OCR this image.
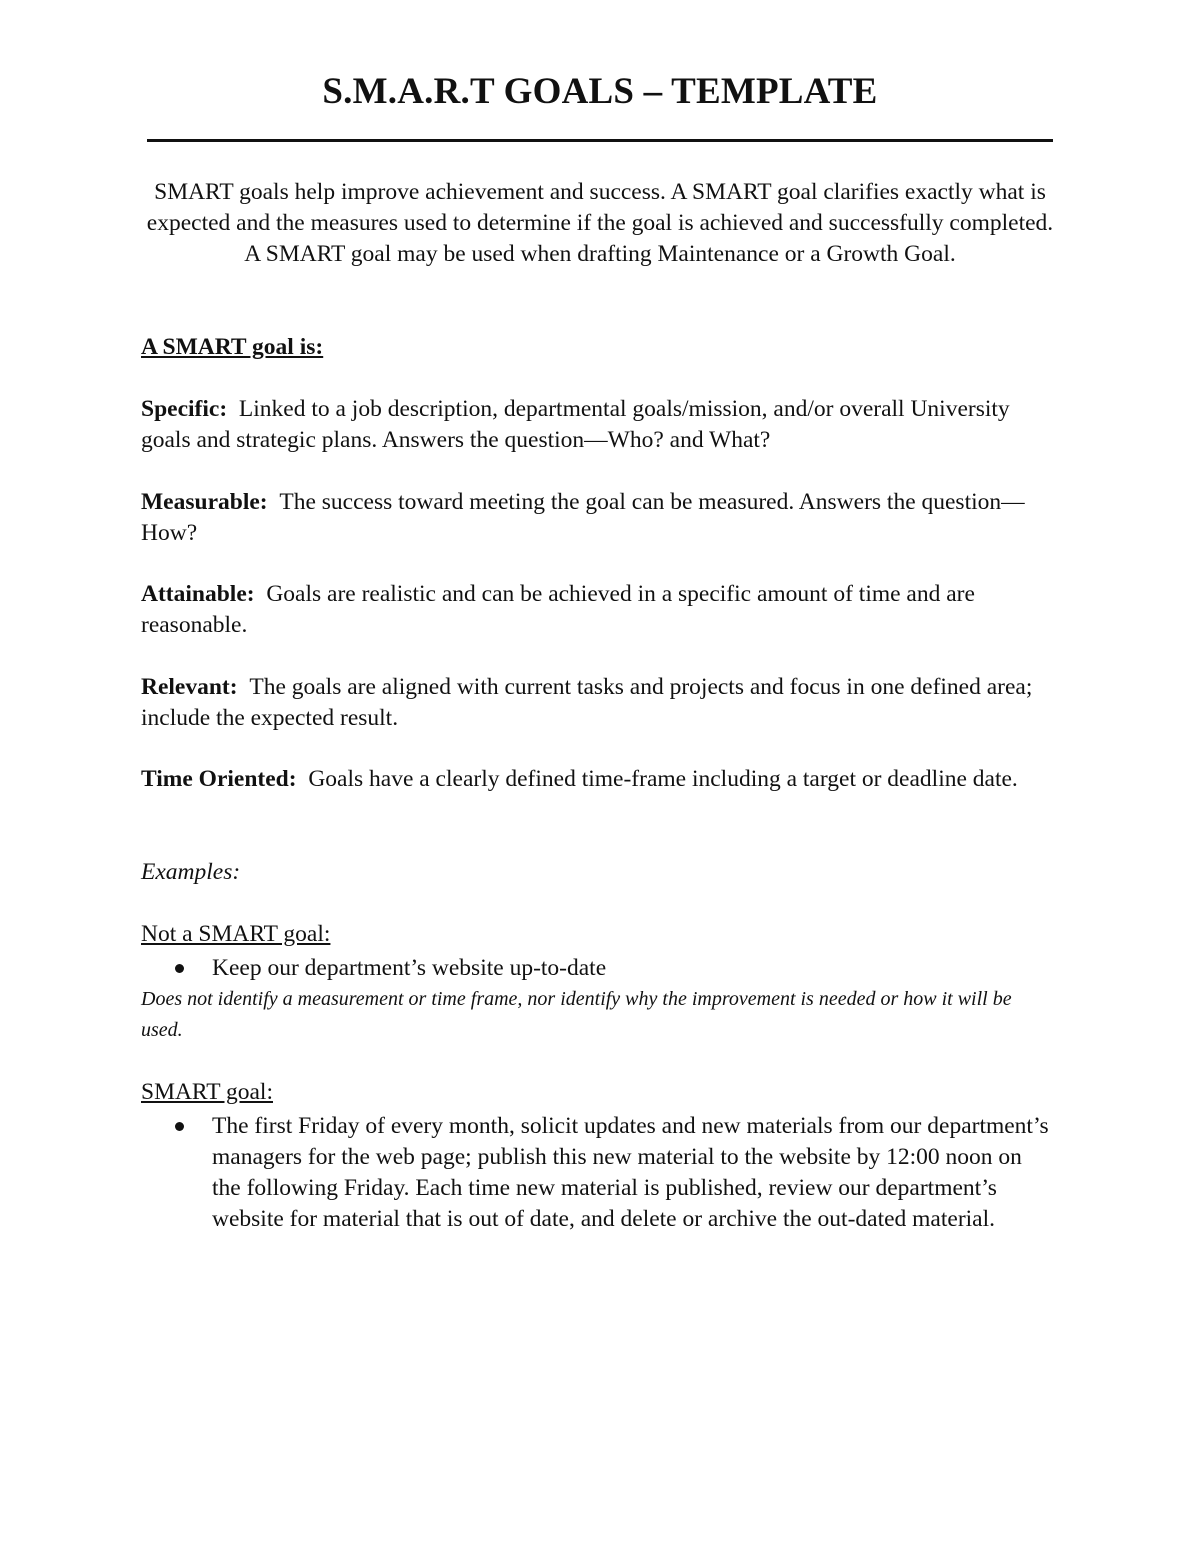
S.M.A.R.T GOALS – TEMPLATE
SMART goals help improve achievement and success. A SMART goal clarifies exactly what is expected and the measures used to determine if the goal is achieved and successfully completed. A SMART goal may be used when drafting Maintenance or a Growth Goal.
A SMART goal is:
Specific: Linked to a job description, departmental goals/mission, and/or overall University goals and strategic plans. Answers the question—Who? and What?
Measurable: The success toward meeting the goal can be measured. Answers the question—How?
Attainable: Goals are realistic and can be achieved in a specific amount of time and are reasonable.
Relevant: The goals are aligned with current tasks and projects and focus in one defined area; include the expected result.
Time Oriented: Goals have a clearly defined time-frame including a target or deadline date.
Examples:
Not a SMART goal:
Keep our department’s website up-to-date
Does not identify a measurement or time frame, nor identify why the improvement is needed or how it will be used.
SMART goal:
The first Friday of every month, solicit updates and new materials from our department’s managers for the web page; publish this new material to the website by 12:00 noon on the following Friday. Each time new material is published, review our department’s website for material that is out of date, and delete or archive the out-dated material.
